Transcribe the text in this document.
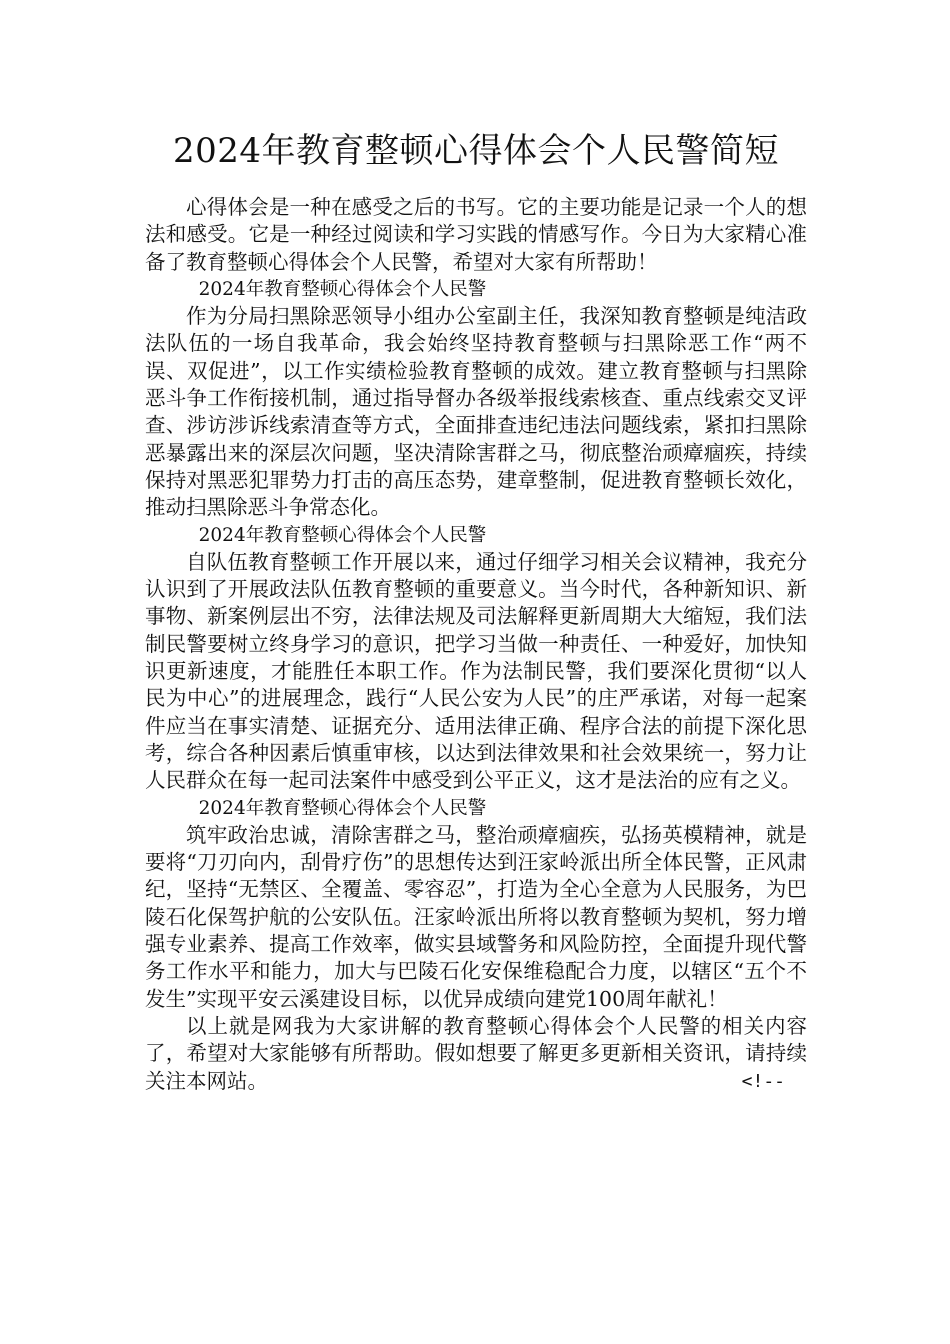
2024年教育整顿心得体会个人民警简短

心得体会是一种在感受之后的书写。它的主要功能是记录一个人的想法和感受。它是一种经过阅读和学习实践的情感写作。今日为大家精心准备了教育整顿心得体会个人民警，希望对大家有所帮助！

2024年教育整顿心得体会个人民警

作为分局扫黑除恶领导小组办公室副主任，我深知教育整顿是纯洁政法队伍的一场自我革命，我会始终坚持教育整顿与扫黑除恶工作“两不误、双促进”，以工作实绩检验教育整顿的成效。建立教育整顿与扫黑除恶斗争工作衔接机制，通过指导督办各级举报线索核查、重点线索交叉评查、涉访涉诉线索清查等方式，全面排查违纪违法问题线索，紧扣扫黑除恶暴露出来的深层次问题，坚决清除害群之马，彻底整治顽瘴痼疾，持续保持对黑恶犯罪势力打击的高压态势，建章整制，促进教育整顿长效化，推动扫黑除恶斗争常态化。

2024年教育整顿心得体会个人民警

自队伍教育整顿工作开展以来，通过仔细学习相关会议精神，我充分认识到了开展政法队伍教育整顿的重要意义。当今时代，各种新知识、新事物、新案例层出不穷，法律法规及司法解释更新周期大大缩短，我们法制民警要树立终身学习的意识，把学习当做一种责任、一种爱好，加快知识更新速度，才能胜任本职工作。作为法制民警，我们要深化贯彻“以人民为中心”的进展理念，践行“人民公安为人民”的庄严承诺，对每一起案件应当在事实清楚、证据充分、适用法律正确、程序合法的前提下深化思考，综合各种因素后慎重审核，以达到法律效果和社会效果统一，努力让人民群众在每一起司法案件中感受到公平正义，这才是法治的应有之义。

2024年教育整顿心得体会个人民警

筑牢政治忠诚，清除害群之马，整治顽瘴痼疾，弘扬英模精神，就是要将“刀刃向内，刮骨疗伤”的思想传达到汪家岭派出所全体民警，正风肃纪，坚持“无禁区、全覆盖、零容忍”，打造为全心全意为人民服务，为巴陵石化保驾护航的公安队伍。汪家岭派出所将以教育整顿为契机，努力增强专业素养、提高工作效率，做实县域警务和风险防控，全面提升现代警务工作水平和能力，加大与巴陵石化安保维稳配合力度，以辖区“五个不发生”实现平安云溪建设目标，以优异成绩向建党100周年献礼！

以上就是网我为大家讲解的教育整顿心得体会个人民警的相关内容了，希望对大家能够有所帮助。假如想要了解更多更新相关资讯，请持续关注本网站。	<!--
